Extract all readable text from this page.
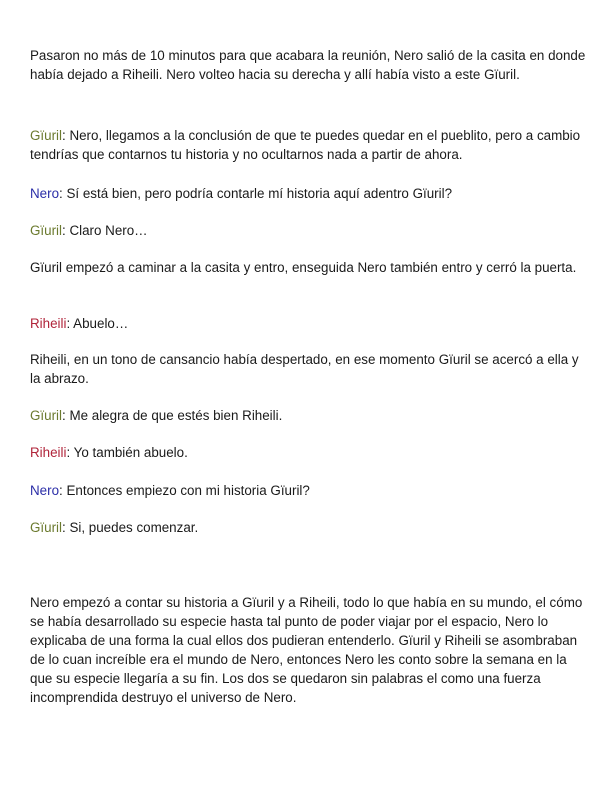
Pasaron no más de 10 minutos para que acabara la reunión, Nero salió de la casita en donde había dejado a Riheili. Nero volteo hacia su derecha y allí había visto a este Gïuril.

Gïuril: Nero, llegamos a la conclusión de que te puedes quedar en el pueblito, pero a cambio tendrías que contarnos tu historia y no ocultarnos nada a partir de ahora.

Nero: Sí está bien, pero podría contarle mí historia aquí adentro Gïuril?

Gïuril: Claro Nero…

Gïuril empezó a caminar a la casita y entro, enseguida Nero también entro y cerró la puerta.

Riheili: Abuelo…

Riheili, en un tono de cansancio había despertado, en ese momento Gïuril se acercó a ella y la abrazo.

Gïuril: Me alegra de que estés bien Riheili.

Riheili: Yo también abuelo.

Nero: Entonces empiezo con mi historia Gïuril?

Gïuril: Si, puedes comenzar.

Nero empezó a contar su historia a Gïuril y a Riheili, todo lo que había en su mundo, el cómo se había desarrollado su especie hasta tal punto de poder viajar por el espacio, Nero lo explicaba de una forma la cual ellos dos pudieran entenderlo. Gïuril y Riheili se asombraban de lo cuan increíble era el mundo de Nero, entonces Nero les conto sobre la semana en la que su especie llegaría a su fin. Los dos se quedaron sin palabras el como una fuerza incomprendida destruyo el universo de Nero.
